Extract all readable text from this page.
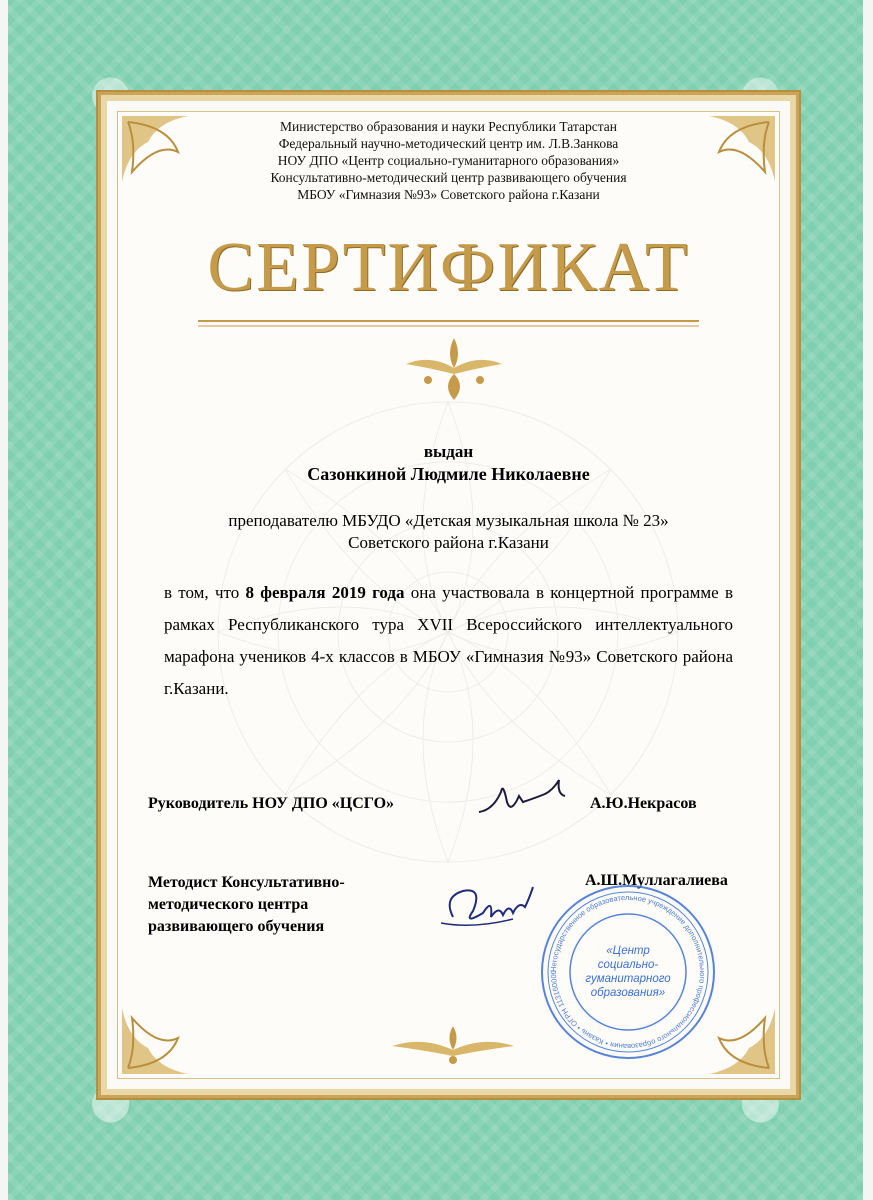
Министерство образования и науки Республики Татарстан
Федеральный научно-методический центр им. Л.В.Занкова
НОУ ДПО «Центр социально-гуманитарного образования»
Консультативно-методический центр развивающего обучения
МБОУ «Гимназия №93» Советского района г.Казани
СЕРТИФИКАТ
выдан
Сазонкиной Людмиле Николаевне
преподавателю МБУДО «Детская музыкальная школа № 23»
Советского района г.Казани
в том, что 8 февраля 2019 года она участвовала в концертной программе в рамках Республиканского тура XVII Всероссийского интеллектуального марафона учеников 4-х классов в МБОУ «Гимназия №93» Советского района г.Казани.
Руководитель НОУ ДПО «ЦСГО»	А.Ю.Некрасов
Методист Консультативно-
методического центра
развивающего обучения
А.Ш.Муллагалиева
Негосударственное образовательное учреждение дополнительного профессионального образования • Казань • ОГРН 113160000
«Центр
социально-
гуманитарного
образования»
